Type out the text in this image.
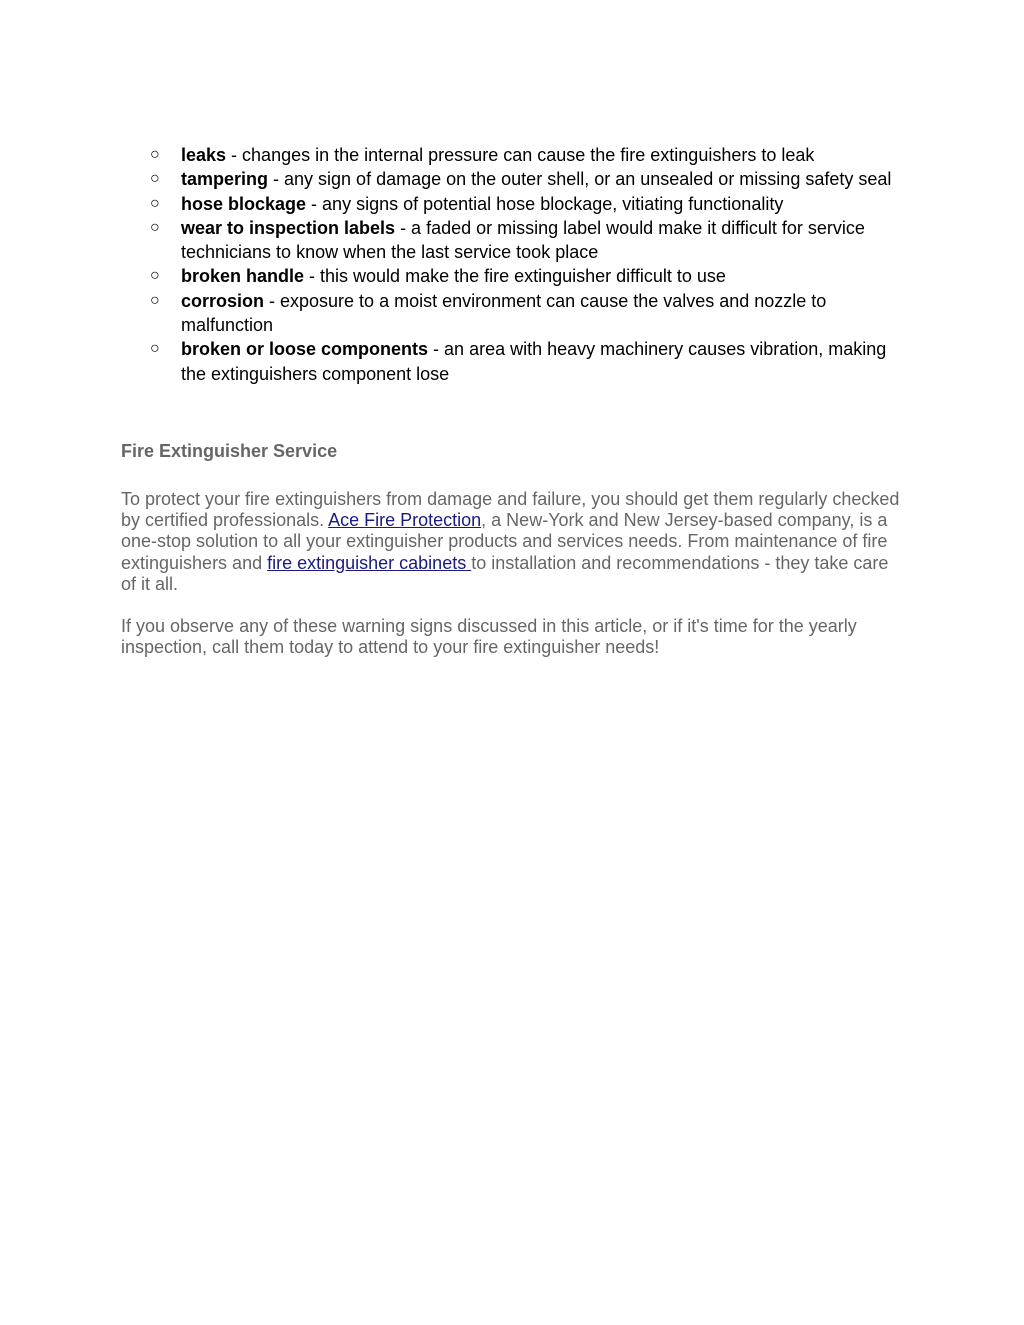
○ leaks - changes in the internal pressure can cause the fire extinguishers to leak
○ tampering - any sign of damage on the outer shell, or an unsealed or missing safety seal
○ hose blockage - any signs of potential hose blockage, vitiating functionality
○ wear to inspection labels - a faded or missing label would make it difficult for service technicians to know when the last service took place
○ broken handle - this would make the fire extinguisher difficult to use
○ corrosion - exposure to a moist environment can cause the valves and nozzle to malfunction
○ broken or loose components - an area with heavy machinery causes vibration, making the extinguishers component lose
Fire Extinguisher Service

To protect your fire extinguishers from damage and failure, you should get them regularly checked by certified professionals. Ace Fire Protection, a New-York and New Jersey-based company, is a one-stop solution to all your extinguisher products and services needs. From maintenance of fire extinguishers and fire extinguisher cabinets to installation and recommendations - they take care of it all.

If you observe any of these warning signs discussed in this article, or if it's time for the yearly inspection, call them today to attend to your fire extinguisher needs!
